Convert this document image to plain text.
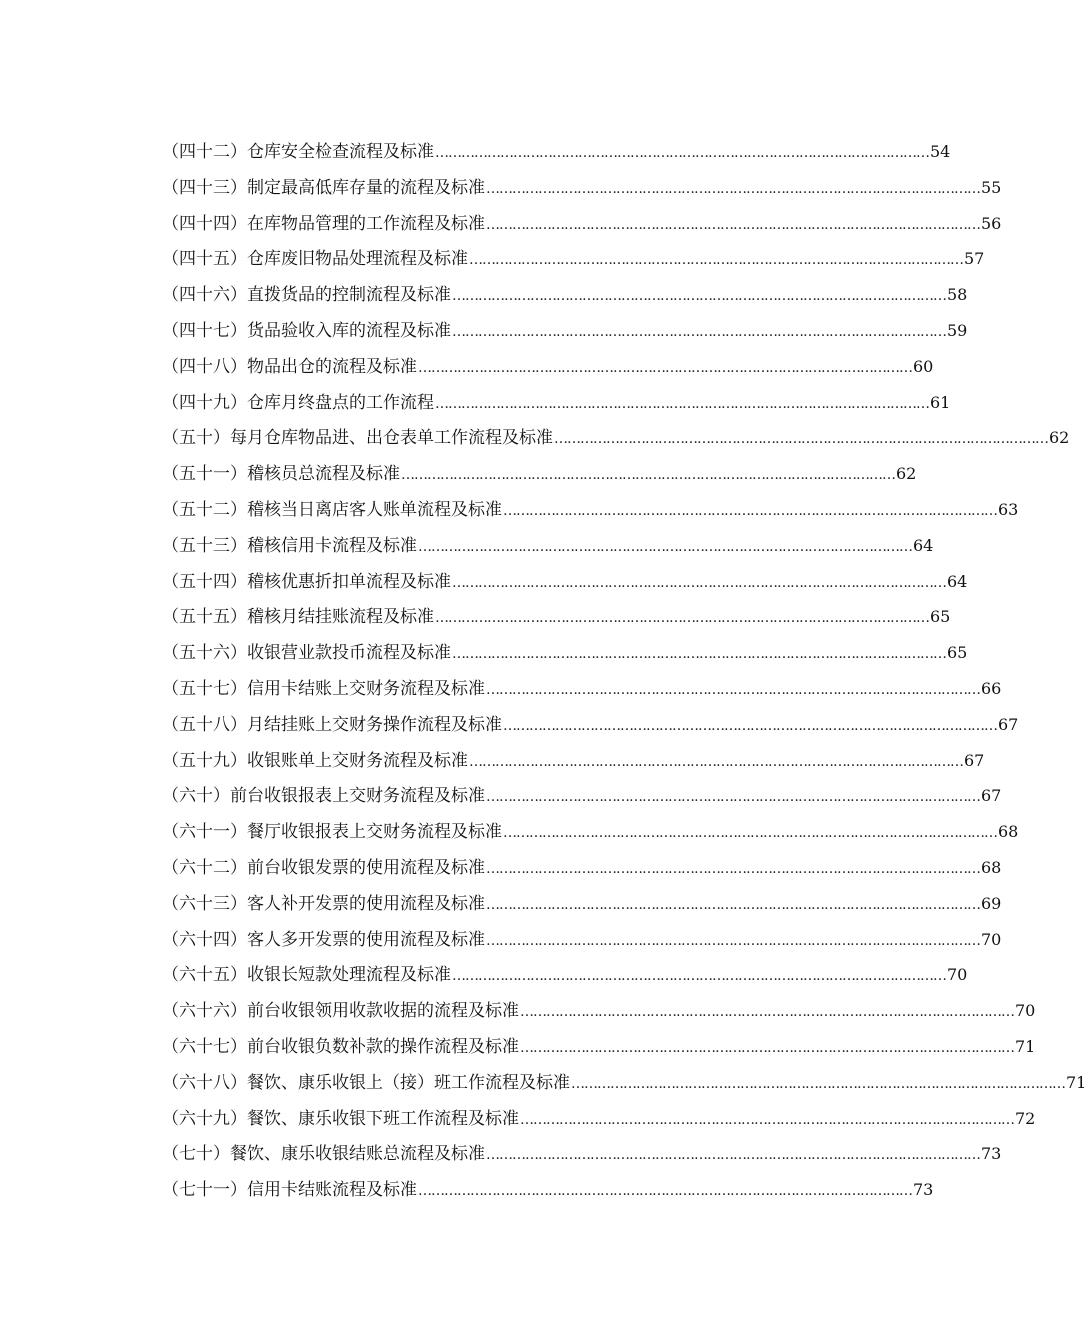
（四十二） 仓库安全检查流程及标准 …………………………………………………………………………………………………… 54
（四十三） 制定最高低库存量的流程及标准 …………………………………………………………………………………………………… 55
（四十四） 在库物品管理的工作流程及标准 …………………………………………………………………………………………………… 56
（四十五） 仓库废旧物品处理流程及标准 …………………………………………………………………………………………………… 57
（四十六） 直拨货品的控制流程及标准 …………………………………………………………………………………………………… 58
（四十七） 货品验收入库的流程及标准 …………………………………………………………………………………………………… 59
（四十八） 物品出仓的流程及标准 …………………………………………………………………………………………………… 60
（四十九） 仓库月终盘点的工作流程 …………………………………………………………………………………………………… 61
（五十） 每月仓库物品进、出仓表单工作流程及标准 …………………………………………………………………………………………………… 62
（五十一） 稽核员总流程及标准 …………………………………………………………………………………………………… 62
（五十二） 稽核当日离店客人账单流程及标准 …………………………………………………………………………………………………… 63
（五十三） 稽核信用卡流程及标准 …………………………………………………………………………………………………… 64
（五十四） 稽核优惠折扣单流程及标准 …………………………………………………………………………………………………… 64
（五十五） 稽核月结挂账流程及标准 …………………………………………………………………………………………………… 65
（五十六） 收银营业款投币流程及标准 …………………………………………………………………………………………………… 65
（五十七） 信用卡结账上交财务流程及标准 …………………………………………………………………………………………………… 66
（五十八） 月结挂账上交财务操作流程及标准 …………………………………………………………………………………………………… 67
（五十九） 收银账单上交财务流程及标准 …………………………………………………………………………………………………… 67
（六十） 前台收银报表上交财务流程及标准 …………………………………………………………………………………………………… 67
（六十一） 餐厅收银报表上交财务流程及标准 …………………………………………………………………………………………………… 68
（六十二） 前台收银发票的使用流程及标准 …………………………………………………………………………………………………… 68
（六十三） 客人补开发票的使用流程及标准 …………………………………………………………………………………………………… 69
（六十四） 客人多开发票的使用流程及标准 …………………………………………………………………………………………………… 70
（六十五） 收银长短款处理流程及标准 …………………………………………………………………………………………………… 70
（六十六） 前台收银领用收款收据的流程及标准 …………………………………………………………………………………………………… 70
（六十七） 前台收银负数补款的操作流程及标准 …………………………………………………………………………………………………… 71
（六十八） 餐饮、康乐收银上（接）班工作流程及标准 …………………………………………………………………………………………………… 71
（六十九） 餐饮、康乐收银下班工作流程及标准 …………………………………………………………………………………………………… 72
（七十） 餐饮、康乐收银结账总流程及标准 …………………………………………………………………………………………………… 73
（七十一） 信用卡结账流程及标准 …………………………………………………………………………………………………… 73
